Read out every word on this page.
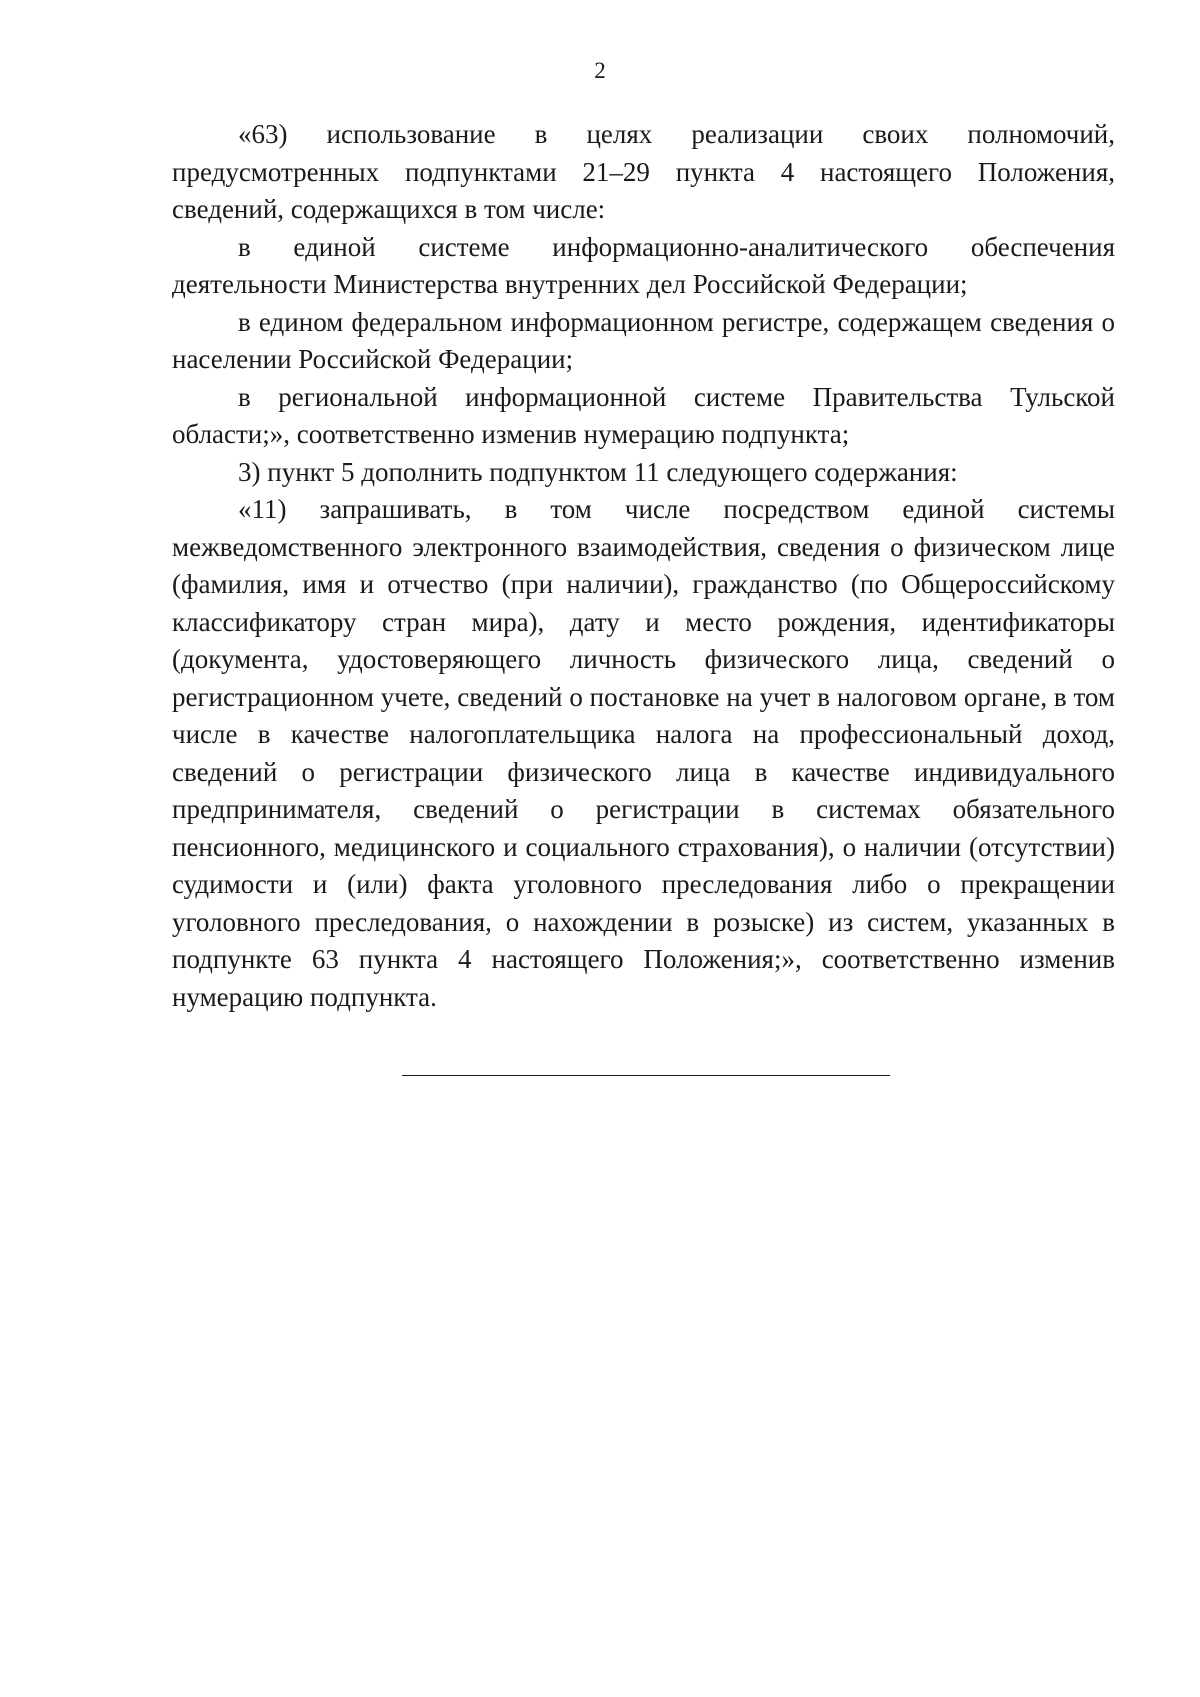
2

«63) использование в целях реализации своих полномочий, предусмотренных подпунктами 21–29 пункта 4 настоящего Положения, сведений, содержащихся в том числе:

в единой системе информационно-аналитического обеспечения деятельности Министерства внутренних дел Российской Федерации;

в едином федеральном информационном регистре, содержащем сведения о населении Российской Федерации;

в региональной информационной системе Правительства Тульской области;», соответственно изменив нумерацию подпункта;

3) пункт 5 дополнить подпунктом 11 следующего содержания:

«11) запрашивать, в том числе посредством единой системы межведомственного электронного взаимодействия, сведения о физическом лице (фамилия, имя и отчество (при наличии), гражданство (по Общероссийскому классификатору стран мира), дату и место рождения, идентификаторы (документа, удостоверяющего личность физического лица, сведений о регистрационном учете, сведений о постановке на учет в налоговом органе, в том числе в качестве налогоплательщика налога на профессиональный доход, сведений о регистрации физического лица в качестве индивидуального предпринимателя, сведений о регистрации в системах обязательного пенсионного, медицинского и социального страхования), о наличии (отсутствии) судимости и (или) факта уголовного преследования либо о прекращении уголовного преследования, о нахождении в розыске) из систем, указанных в подпункте 63 пункта 4 настоящего Положения;», соответственно изменив нумерацию подпункта.
